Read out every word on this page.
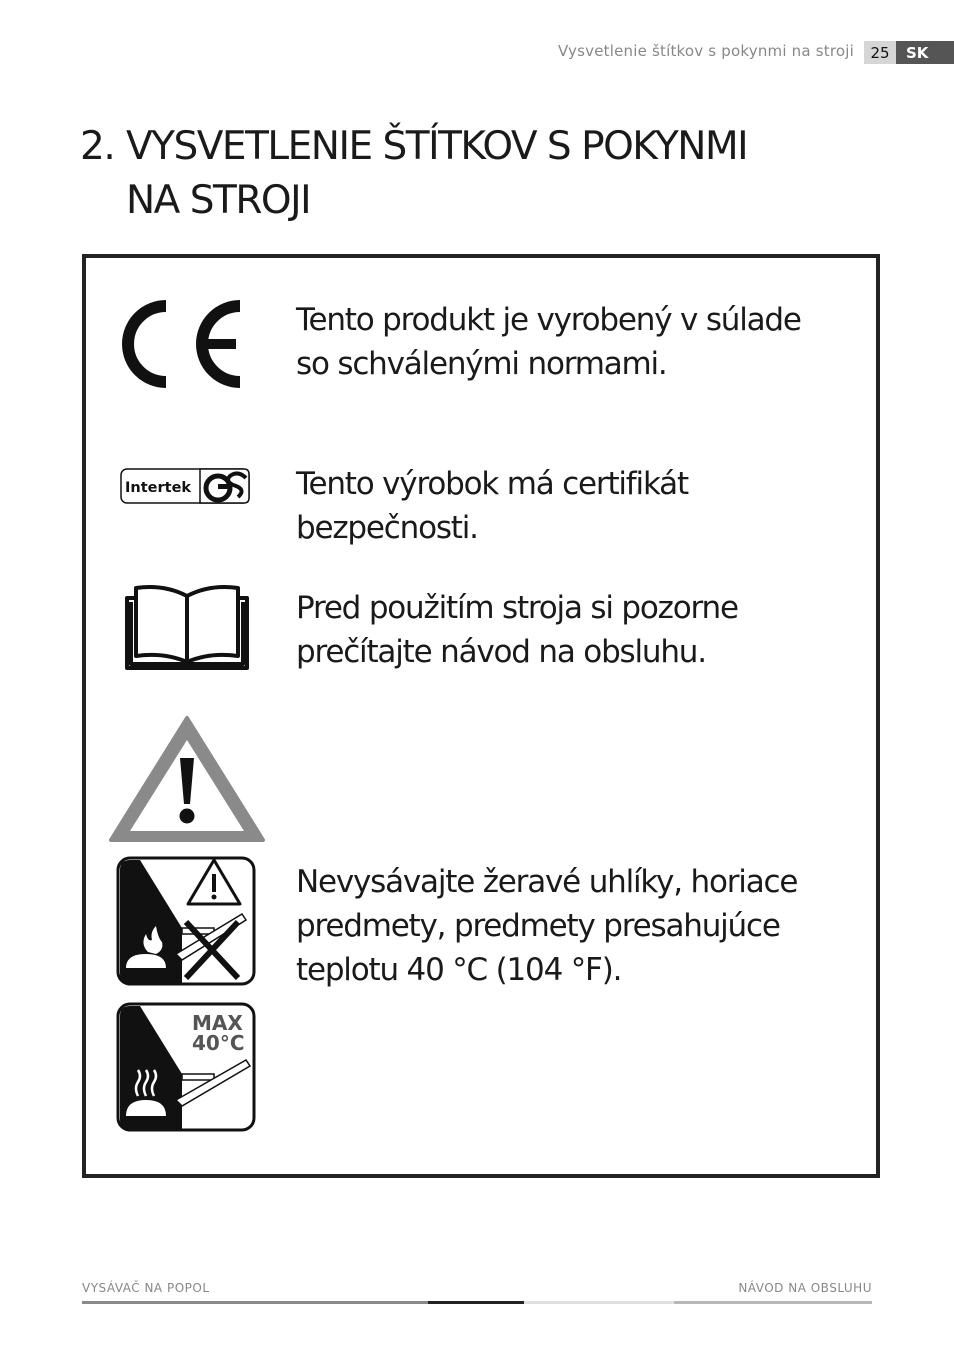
Vysvetlenie štítkov s pokynmi na stroji	25	SK
2. VYSVETLENIE ŠTÍTKOV S POKYNMI
NA STROJI

Tento produkt je vyrobený v súlade
so schválenými normami.

Intertek	Tento výrobok má certifikát bezpečnosti.

Pred použitím stroja si pozorne
prečítajte návod na obsluhu.

Nevysávajte žeravé uhlíky, horiace
predmety, predmety presahujúce
teplotu 40 °C (104 °F).

MAX
40°C
VYSÁVAČ NA POPOL	NÁVOD NA OBSLUHU
